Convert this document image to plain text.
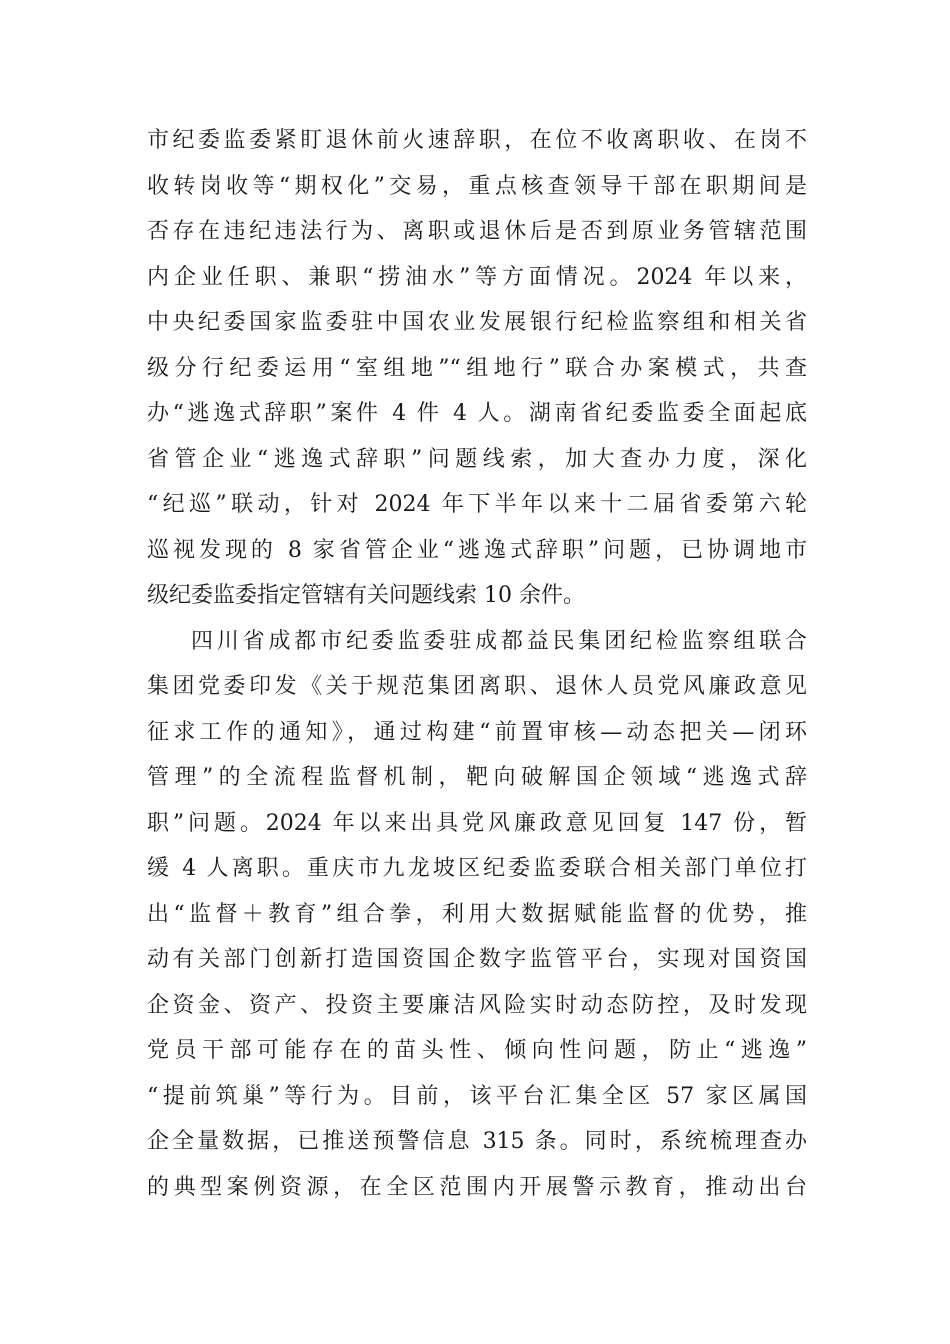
市纪委监委紧盯退休前火速辞职，在位不收离职收、在岗不
收转岗收等“期权化”交易，重点核查领导干部在职期间是
否存在违纪违法行为、离职或退休后是否到原业务管辖范围
内企业任职、兼职“捞油水”等方面情况。2024 年以来，
中央纪委国家监委驻中国农业发展银行纪检监察组和相关省
级分行纪委运用“室组地”“组地行”联合办案模式，共查
办“逃逸式辞职”案件 4 件 4 人。湖南省纪委监委全面起底
省管企业“逃逸式辞职”问题线索，加大查办力度，深化
“纪巡”联动，针对 2024 年下半年以来十二届省委第六轮
巡视发现的 8 家省管企业“逃逸式辞职”问题，已协调地市
级纪委监委指定管辖有关问题线索 10 余件。
四川省成都市纪委监委驻成都益民集团纪检监察组联合
集团党委印发《关于规范集团离职、退休人员党风廉政意见
征求工作的通知》，通过构建“前置审核—动态把关—闭环
管理”的全流程监督机制，靶向破解国企领域“逃逸式辞
职”问题。2024 年以来出具党风廉政意见回复 147 份，暂
缓 4 人离职。重庆市九龙坡区纪委监委联合相关部门单位打
出“监督＋教育”组合拳，利用大数据赋能监督的优势，推
动有关部门创新打造国资国企数字监管平台，实现对国资国
企资金、资产、投资主要廉洁风险实时动态防控，及时发现
党员干部可能存在的苗头性、倾向性问题，防止“逃逸”
“提前筑巢”等行为。目前，该平台汇集全区 57 家区属国
企全量数据，已推送预警信息 315 条。同时，系统梳理查办
的典型案例资源，在全区范围内开展警示教育，推动出台
